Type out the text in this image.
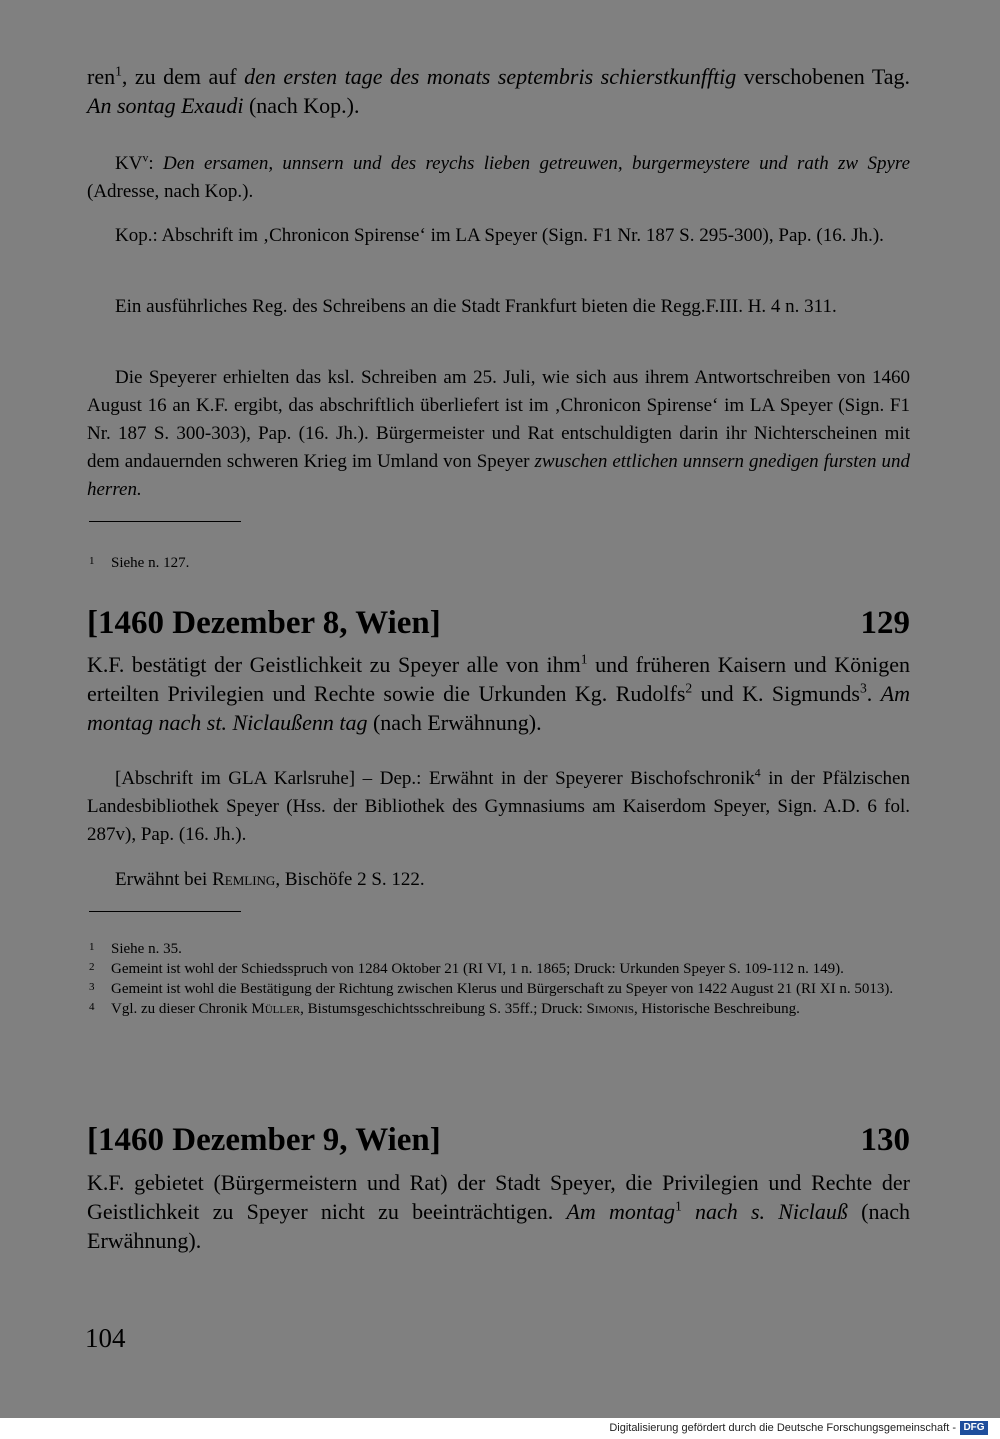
ren$^1$, zu dem auf den ersten tage des monats septembris schierstkunfftig verschobenen Tag. An sontag Exaudi (nach Kop.).

$KV^v$: Den ersamen, unnsern und des reychs lieben getreuwen, burgermeystere und rath zw Spyre (Adresse, nach Kop.).

Kop.: Abschrift im ‚Chronicon Spirense‘ im LA Speyer (Sign. F1 Nr. 187 S. 295-300), Pap. (16. Jh.).

Ein ausführliches Reg. des Schreibens an die Stadt Frankfurt bieten die Regg.F.III. H. 4 n. 311.

Die Speyerer erhielten das ksl. Schreiben am 25. Juli, wie sich aus ihrem Antwortschreiben von 1460 August 16 an K.F. ergibt, das abschriftlich überliefert ist im ‚Chronicon Spirense‘ im LA Speyer (Sign. F1 Nr. 187 S. 300-303), Pap. (16. Jh.). Bürgermeister und Rat entschuldigten darin ihr Nichterscheinen mit dem andauernden schweren Krieg im Umland von Speyer zwuschen ettlichen unnsern gnedigen fursten und herren.

1	Siehe n. 127.
[1460 Dezember 8, Wien]	129

K.F. bestätigt der Geistlichkeit zu Speyer alle von ihm$^1$ und früheren Kaisern und Königen erteilten Privilegien und Rechte sowie die Urkunden Kg. Rudolfs$^2$ und K. Sigmunds$^3$. Am montag nach st. Niclaußenn tag (nach Erwähnung).

[Abschrift im GLA Karlsruhe] – Dep.: Erwähnt in der Speyerer Bischofschronik$^4$ in der Pfälzischen Landesbibliothek Speyer (Hss. der Bibliothek des Gymnasiums am Kaiserdom Speyer, Sign. A.D. 6 fol. 287v), Pap. (16. Jh.).

Erwähnt bei Remling, Bischöfe 2 S. 122.

1	Siehe n. 35.
2	Gemeint ist wohl der Schiedsspruch von 1284 Oktober 21 (RI VI, 1 n. 1865; Druck: Urkunden Speyer S. 109-112 n. 149).
3	Gemeint ist wohl die Bestätigung der Richtung zwischen Klerus und Bürgerschaft zu Speyer von 1422 August 21 (RI XI n. 5013).
4	Vgl. zu dieser Chronik Müller, Bistumsgeschichtsschreibung S. 35ff.; Druck: Simonis, Historische Beschreibung.
[1460 Dezember 9, Wien]	130

K.F. gebietet (Bürgermeistern und Rat) der Stadt Speyer, die Privilegien und Rechte der Geistlichkeit zu Speyer nicht zu beeinträchtigen. Am montag$^1$ nach s. Niclauß (nach Erwähnung).

104
Digitalisierung gefördert durch die Deutsche Forschungsgemeinschaft - DFG
